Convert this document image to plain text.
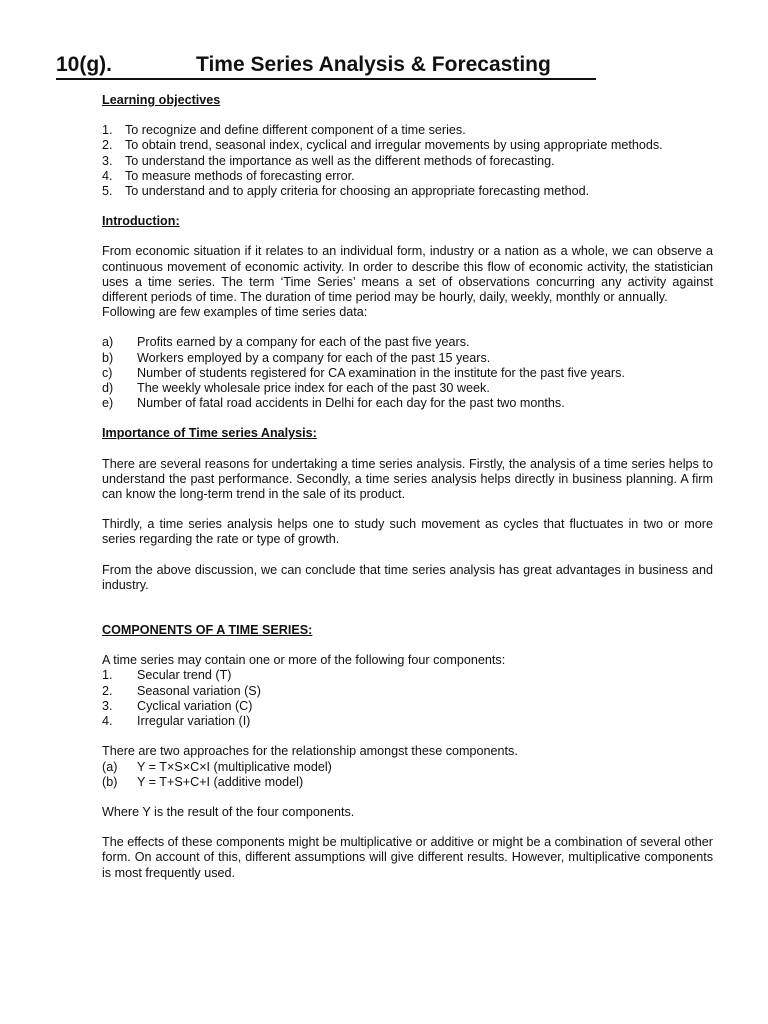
10(g).	Time Series Analysis & Forecasting
Learning objectives
1. To recognize and define different component of a time series.
2. To obtain trend, seasonal index, cyclical and irregular movements by using appropriate methods.
3. To understand the importance as well as the different methods of forecasting.
4. To measure methods of forecasting error.
5. To understand and to apply criteria for choosing an appropriate forecasting method.
Introduction:

From economic situation if it relates to an individual form, industry or a nation as a whole, we can observe a continuous movement of economic activity. In order to describe this flow of economic activity, the statistician uses a time series. The term ‘Time Series’ means a set of observations concurring any activity against different periods of time. The duration of time period may be hourly, daily, weekly, monthly or annually.

Following are few examples of time series data:

a)	Profits earned by a company for each of the past five years.
b)	Workers employed by a company for each of the past 15 years.
c)	Number of students registered for CA examination in the institute for the past five years.
d)	The weekly wholesale price index for each of the past 30 week.
e)	Number of fatal road accidents in Delhi for each day for the past two months.
Importance of Time series Analysis:

There are several reasons for undertaking a time series analysis. Firstly, the analysis of a time series helps to understand the past performance. Secondly, a time series analysis helps directly in business planning. A firm can know the long-term trend in the sale of its product.

Thirdly, a time series analysis helps one to study such movement as cycles that fluctuates in two or more series regarding the rate or type of growth.

From the above discussion, we can conclude that time series analysis has great advantages in business and industry.

COMPONENTS OF A TIME SERIES:

A time series may contain one or more of the following four components:

1.	Secular trend (T)
2.	Seasonal variation (S)
3.	Cyclical variation (C)
4.	Irregular variation (I)

There are two approaches for the relationship amongst these components.

(a)	Y = T×S×C×I (multiplicative model)
(b)	Y = T+S+C+I (additive model)

Where Y is the result of the four components.

The effects of these components might be multiplicative or additive or might be a combination of several other form. On account of this, different assumptions will give different results. However, multiplicative components is most frequently used.
